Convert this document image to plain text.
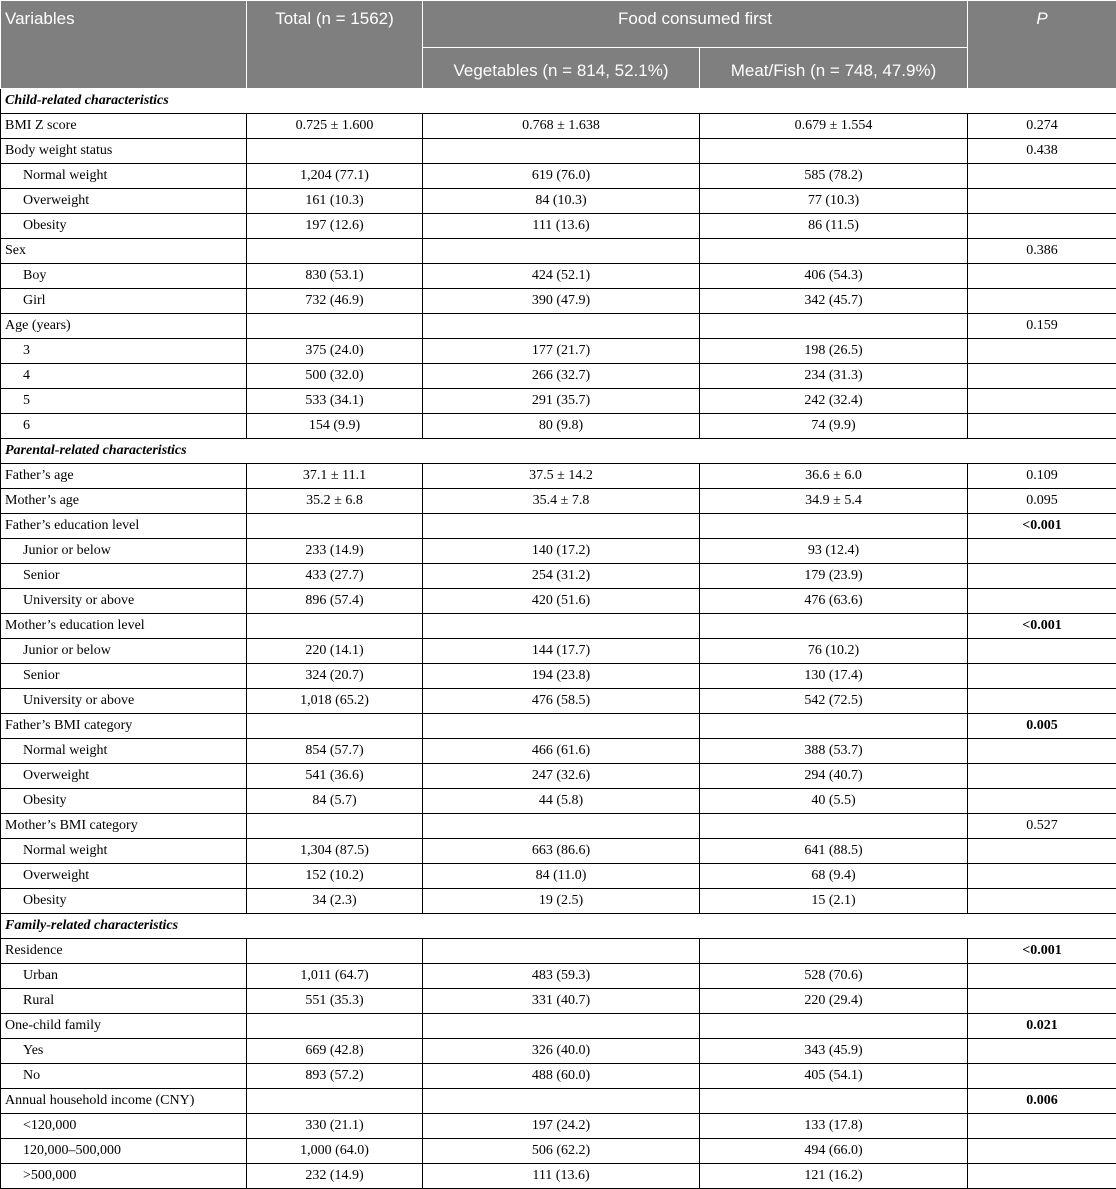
Variables	Total (n = 1562)	Food consumed first		P
		Vegetables (n = 814, 52.1%)	Meat/Fish (n = 748, 47.9%)	
Child-related characteristics				
BMI Z score	0.725 ± 1.600	0.768 ± 1.638	0.679 ± 1.554	0.274
Body weight status				0.438
Normal weight	1,204 (77.1)	619 (76.0)	585 (78.2)	
Overweight	161 (10.3)	84 (10.3)	77 (10.3)	
Obesity	197 (12.6)	111 (13.6)	86 (11.5)	
Sex				0.386
Boy	830 (53.1)	424 (52.1)	406 (54.3)	
Girl	732 (46.9)	390 (47.9)	342 (45.7)	
Age (years)				0.159
3	375 (24.0)	177 (21.7)	198 (26.5)	
4	500 (32.0)	266 (32.7)	234 (31.3)	
5	533 (34.1)	291 (35.7)	242 (32.4)	
6	154 (9.9)	80 (9.8)	74 (9.9)	
Parental-related characteristics				
Father’s age	37.1 ± 11.1	37.5 ± 14.2	36.6 ± 6.0	0.109
Mother’s age	35.2 ± 6.8	35.4 ± 7.8	34.9 ± 5.4	0.095
Father’s education level				<0.001
Junior or below	233 (14.9)	140 (17.2)	93 (12.4)	
Senior	433 (27.7)	254 (31.2)	179 (23.9)	
University or above	896 (57.4)	420 (51.6)	476 (63.6)	
Mother’s education level				<0.001
Junior or below	220 (14.1)	144 (17.7)	76 (10.2)	
Senior	324 (20.7)	194 (23.8)	130 (17.4)	
University or above	1,018 (65.2)	476 (58.5)	542 (72.5)	
Father’s BMI category				0.005
Normal weight	854 (57.7)	466 (61.6)	388 (53.7)	
Overweight	541 (36.6)	247 (32.6)	294 (40.7)	
Obesity	84 (5.7)	44 (5.8)	40 (5.5)	
Mother’s BMI category				0.527
Normal weight	1,304 (87.5)	663 (86.6)	641 (88.5)	
Overweight	152 (10.2)	84 (11.0)	68 (9.4)	
Obesity	34 (2.3)	19 (2.5)	15 (2.1)	
Family-related characteristics				
Residence				<0.001
Urban	1,011 (64.7)	483 (59.3)	528 (70.6)	
Rural	551 (35.3)	331 (40.7)	220 (29.4)	
One-child family				0.021
Yes	669 (42.8)	326 (40.0)	343 (45.9)	
No	893 (57.2)	488 (60.0)	405 (54.1)	
Annual household income (CNY)				0.006
<120,000	330 (21.1)	197 (24.2)	133 (17.8)	
120,000–500,000	1,000 (64.0)	506 (62.2)	494 (66.0)	
>500,000	232 (14.9)	111 (13.6)	121 (16.2)	
